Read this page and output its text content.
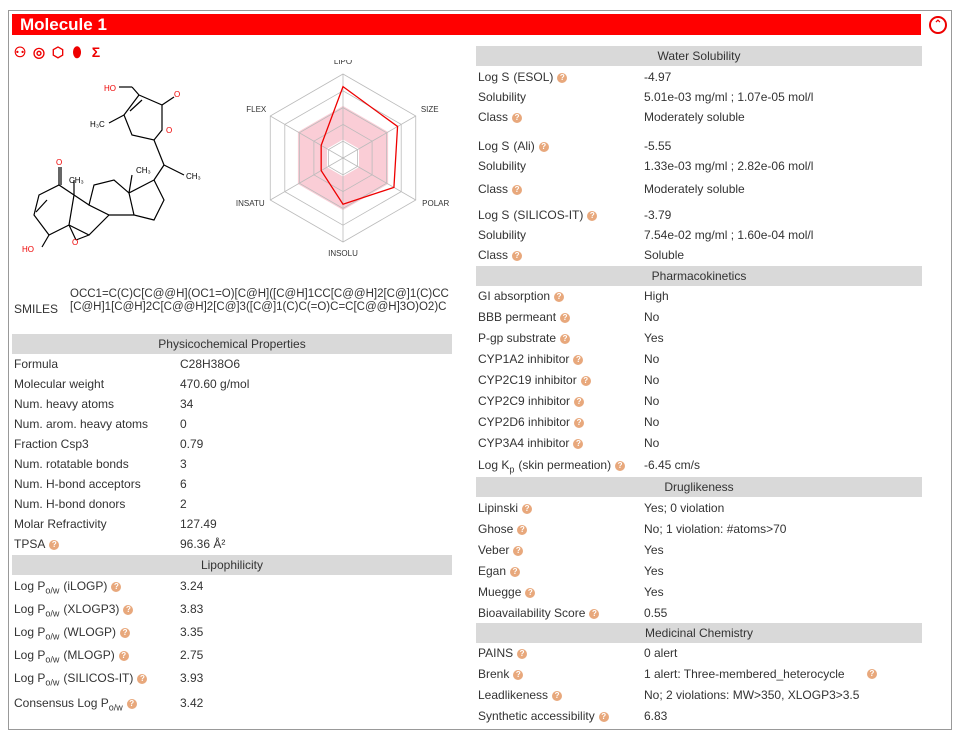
Molecule 1	⌃
⚇ ◎ ⬡ ⬮ Σ
HO
O
H₃C
O
CH₃
CH₃
CH₃
O
HO
O
LIPO
SIZE
POLAR
INSOLU
INSATU
FLEX
SMILES
OCC1=C(C)C[C@@H](OC1=O)[C@H]([C@H]1CC[C@@H]2[C@]1(C)CC[C@H]1[C@H]2C[C@@H]2[C@]3([C@]1(C)C(=O)C=C[C@@H]3O)O2)C
Physicochemical Properties
Formula	C28H38O6
Molecular weight	470.60 g/mol
Num. heavy atoms	34
Num. arom. heavy atoms	0
Fraction Csp3	0.79
Num. rotatable bonds	3
Num. H-bond acceptors	6
Num. H-bond donors	2
Molar Refractivity	127.49
TPSA ?	96.36 Å²
Lipophilicity
Log $P_{o/w}$ (iLOGP) ?	3.24
Log $P_{o/w}$ (XLOGP3) ?	3.83
Log $P_{o/w}$ (WLOGP) ?	3.35
Log $P_{o/w}$ (MLOGP) ?	2.75
Log $P_{o/w}$ (SILICOS-IT) ?	3.93
Consensus Log $P_{o/w}$ ?	3.42
Water Solubility
Log S (ESOL) ?	-4.97
Solubility	5.01e-03 mg/ml ; 1.07e-05 mol/l
Class ?	Moderately soluble
Log S (Ali) ?	-5.55
Solubility	1.33e-03 mg/ml ; 2.82e-06 mol/l
Class ?	Moderately soluble
Log S (SILICOS-IT) ?	-3.79
Solubility	7.54e-02 mg/ml ; 1.60e-04 mol/l
Class ?	Soluble
Pharmacokinetics
GI absorption ?	High
BBB permeant ?	No
P-gp substrate ?	Yes
CYP1A2 inhibitor ?	No
CYP2C19 inhibitor ?	No
CYP2C9 inhibitor ?	No
CYP2D6 inhibitor ?	No
CYP3A4 inhibitor ?	No
Log $K_p$ (skin permeation) ? -6.45 cm/s
Druglikeness
Lipinski ?	Yes; 0 violation
Ghose ?	No; 1 violation: #atoms>70
Veber ?	Yes
Egan ?	Yes
Muegge ?	Yes
Bioavailability Score ?	0.55
Medicinal Chemistry
PAINS ?	0 alert
Brenk ?	1 alert: Three-membered_heterocycle	?
Leadlikeness ?	No; 2 violations: MW>350, XLOGP3>3.5
Synthetic accessibility ?	6.83
